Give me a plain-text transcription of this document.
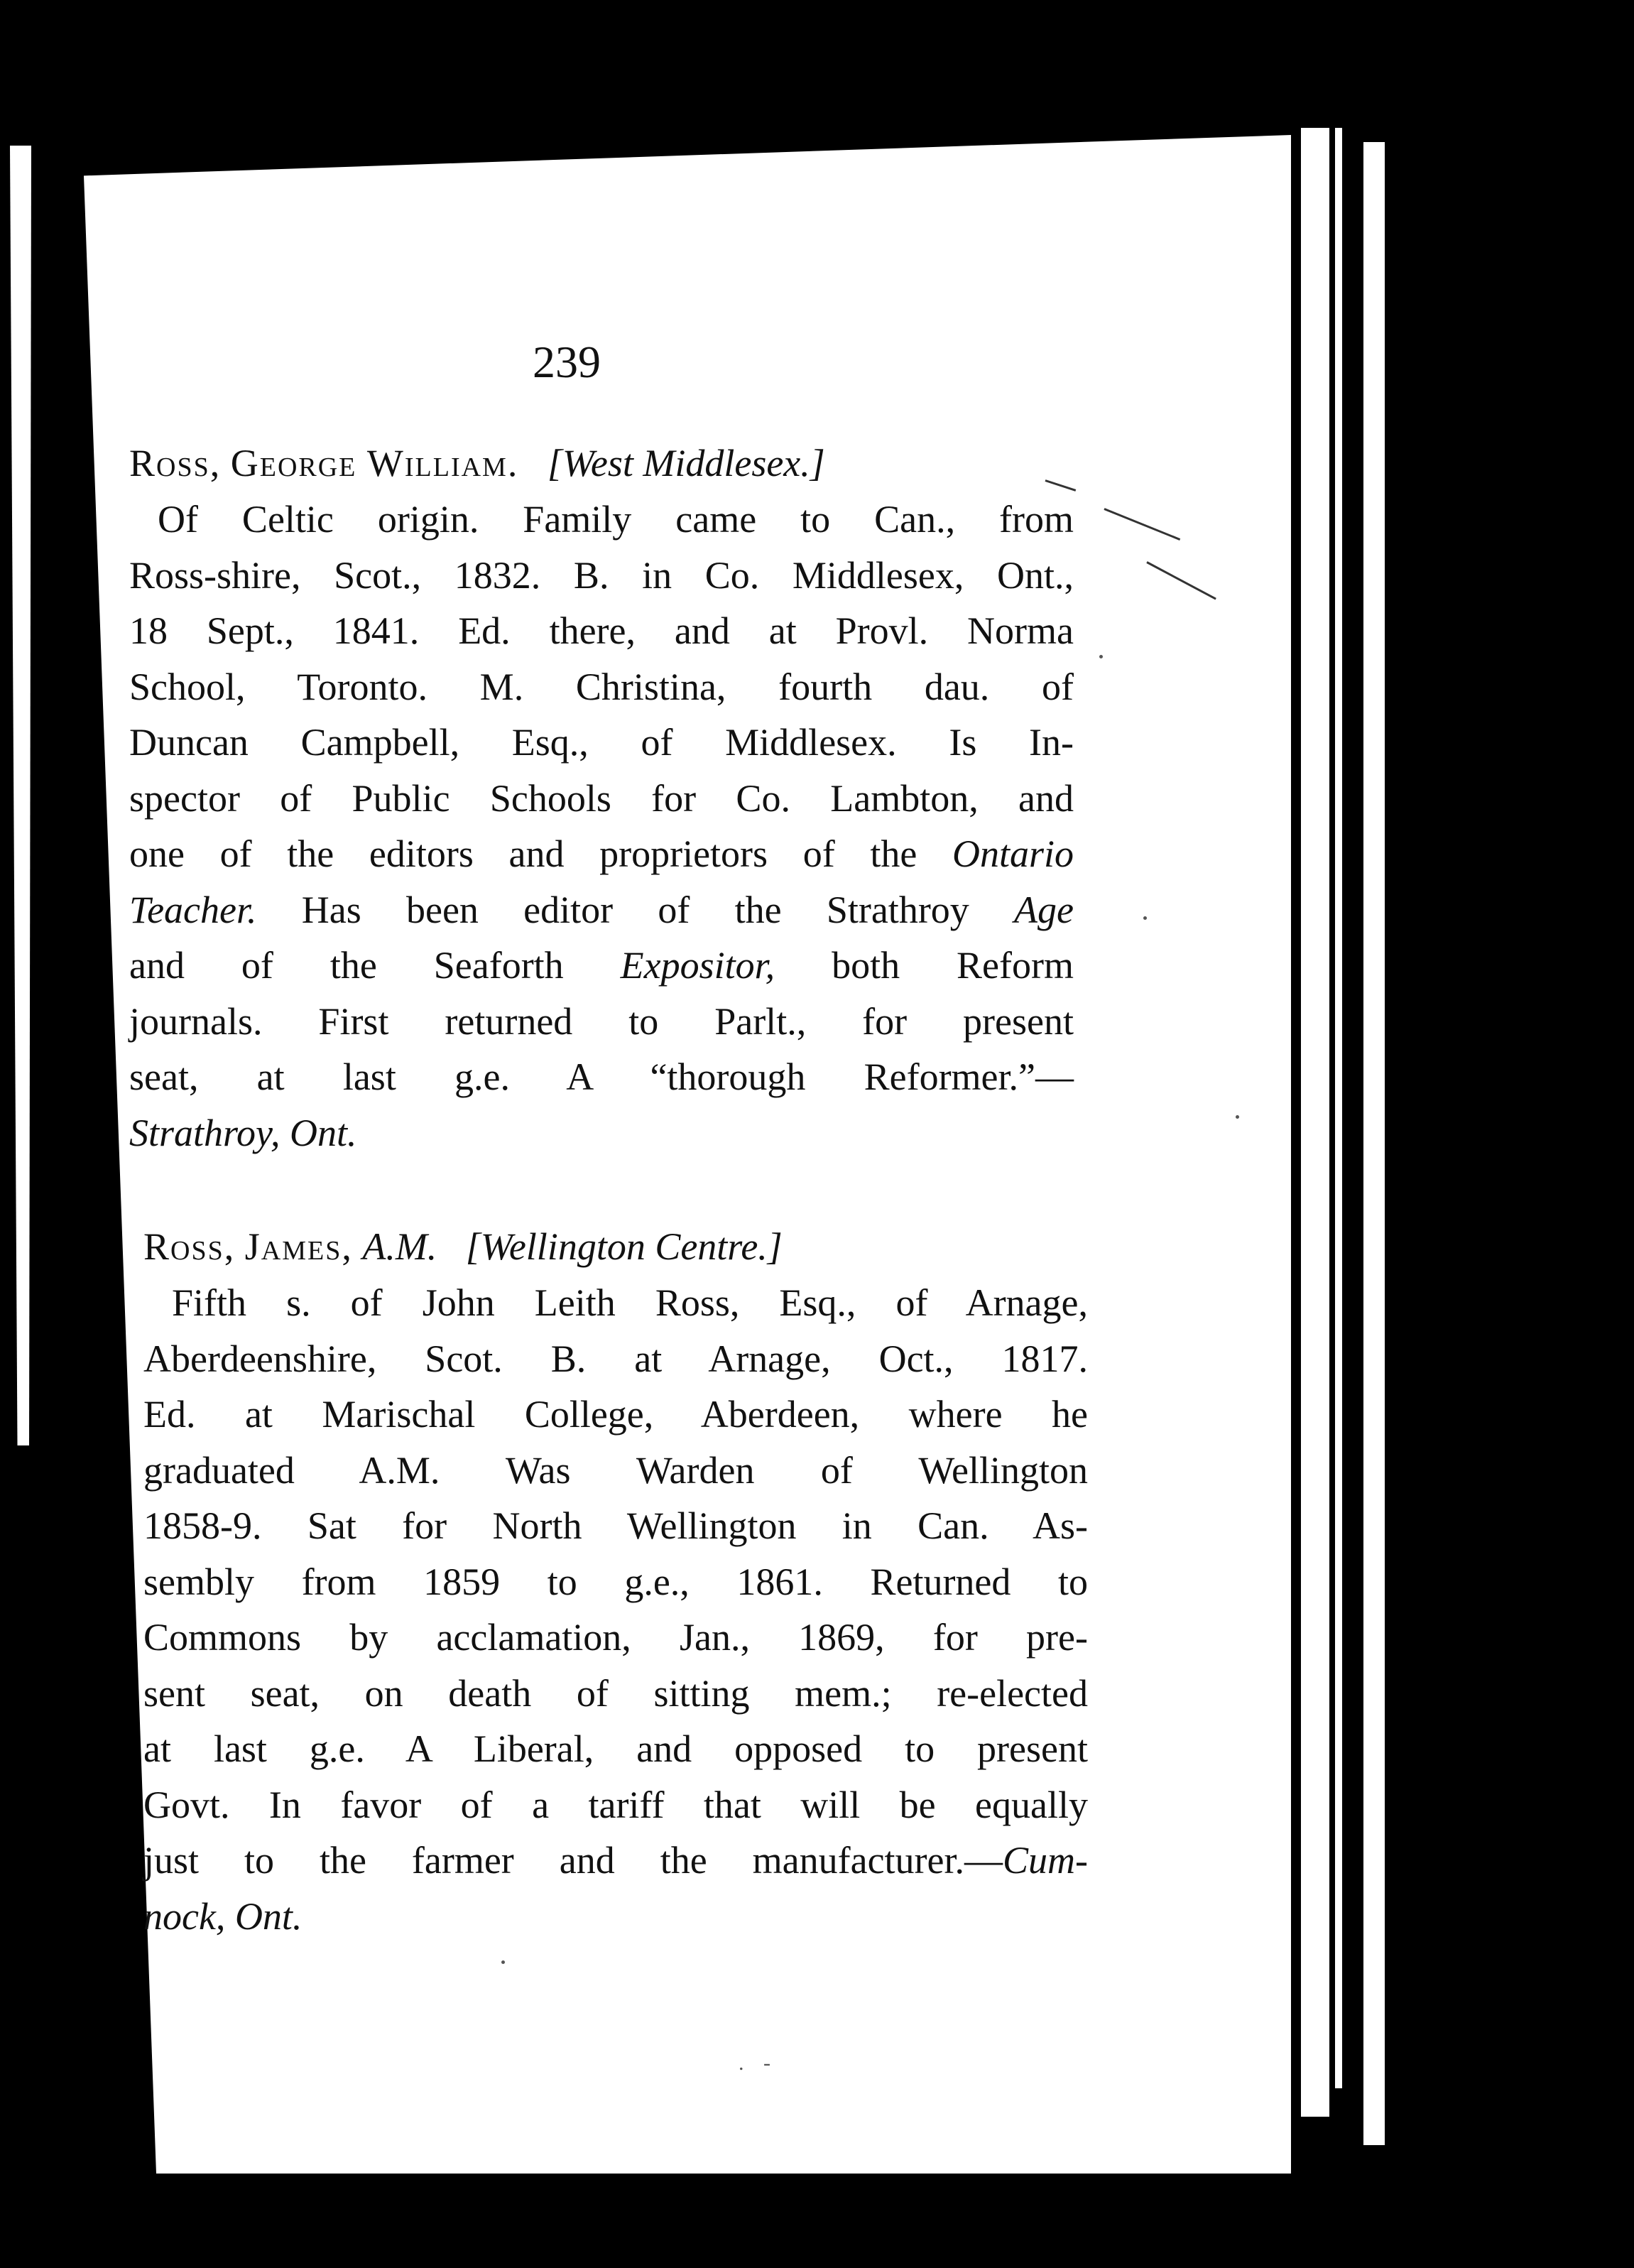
239
Ross, George William. [West Middlesex.]
Of Celtic origin. Family came to Can., from
Ross-shire, Scot., 1832. B. in Co. Middlesex, Ont.,
18 Sept., 1841. Ed. there, and at Provl. Norma
School, Toronto. M. Christina, fourth dau. of
Duncan Campbell, Esq., of Middlesex. Is In-
spector of Public Schools for Co. Lambton, and
one of the editors and proprietors of the Ontario
Teacher. Has been editor of the Strathroy Age
and of the Seaforth Expositor, both Reform
journals. First returned to Parlt., for present
seat, at last g.e. A “thorough Reformer.”—
Strathroy, Ont.
Ross, James, A.M. [Wellington Centre.]
Fifth s. of John Leith Ross, Esq., of Arnage,
Aberdeenshire, Scot. B. at Arnage, Oct., 1817.
Ed. at Marischal College, Aberdeen, where he
graduated A.M. Was Warden of Wellington
1858-9. Sat for North Wellington in Can. As-
sembly from 1859 to g.e., 1861. Returned to
Commons by acclamation, Jan., 1869, for pre-
sent seat, on death of sitting mem.; re-elected
at last g.e. A Liberal, and opposed to present
Govt. In favor of a tariff that will be equally
just to the farmer and the manufacturer.—Cum-
nock, Ont.
. -
